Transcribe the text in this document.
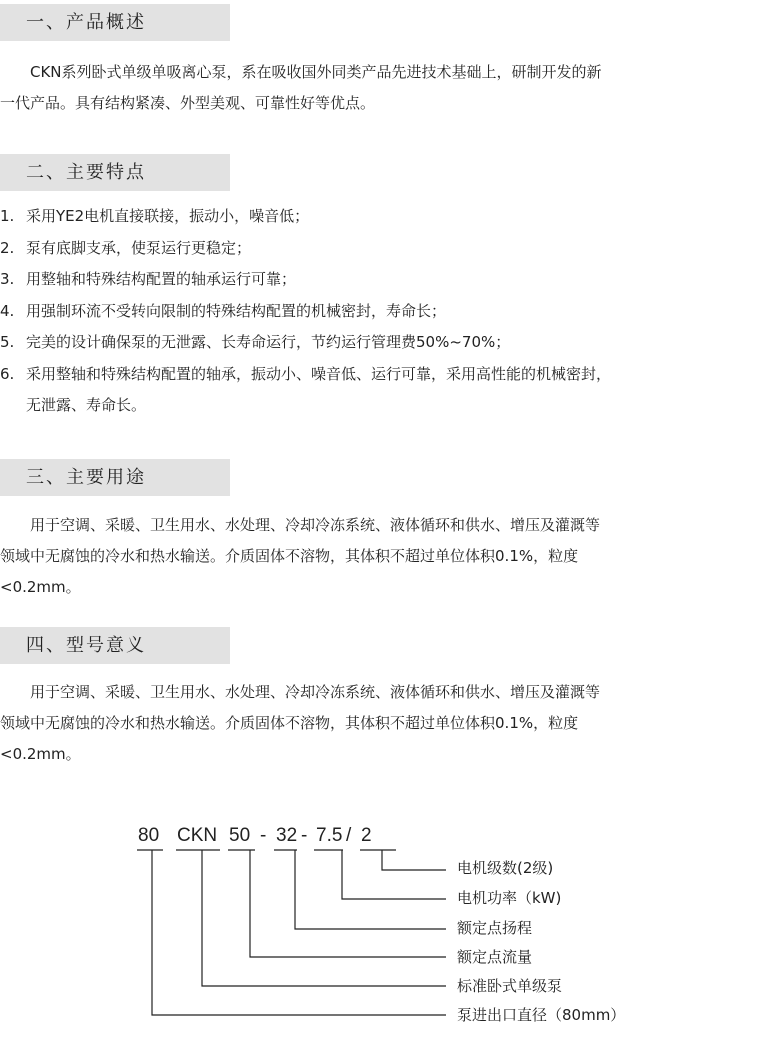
一、产品概述

　　CKN系列卧式单级单吸离心泵，系在吸收国外同类产品先进技术基础上，研制开发的新
一代产品。具有结构紧凑、外型美观、可靠性好等优点。

二、主要特点
1. 采用YE2电机直接联接，振动小，噪音低；
2. 泵有底脚支承，使泵运行更稳定；
3. 用整轴和特殊结构配置的轴承运行可靠；
4. 用强制环流不受转向限制的特殊结构配置的机械密封，寿命长；
5. 完美的设计确保泵的无泄露、长寿命运行，节约运行管理费50%~70%；
6. 采用整轴和特殊结构配置的轴承，振动小、噪音低、运行可靠，采用高性能的机械密封，
无泄露、寿命长。
三、主要用途

　　用于空调、采暖、卫生用水、水处理、冷却冷冻系统、液体循环和供水、增压及灌溉等
领域中无腐蚀的冷水和热水输送。介质固体不溶物，其体积不超过单位体积0.1%，粒度
<0.2mm。

四、型号意义

　　用于空调、采暖、卫生用水、水处理、冷却冷冻系统、液体循环和供水、增压及灌溉等
领域中无腐蚀的冷水和热水输送。介质固体不溶物，其体积不超过单位体积0.1%，粒度
<0.2mm。

80 CKN 50 - 32 - 7.5 / 2
电机级数(2级)
电机功率（kW)
额定点扬程
额定点流量
标准卧式单级泵
泵进出口直径（80mm）
